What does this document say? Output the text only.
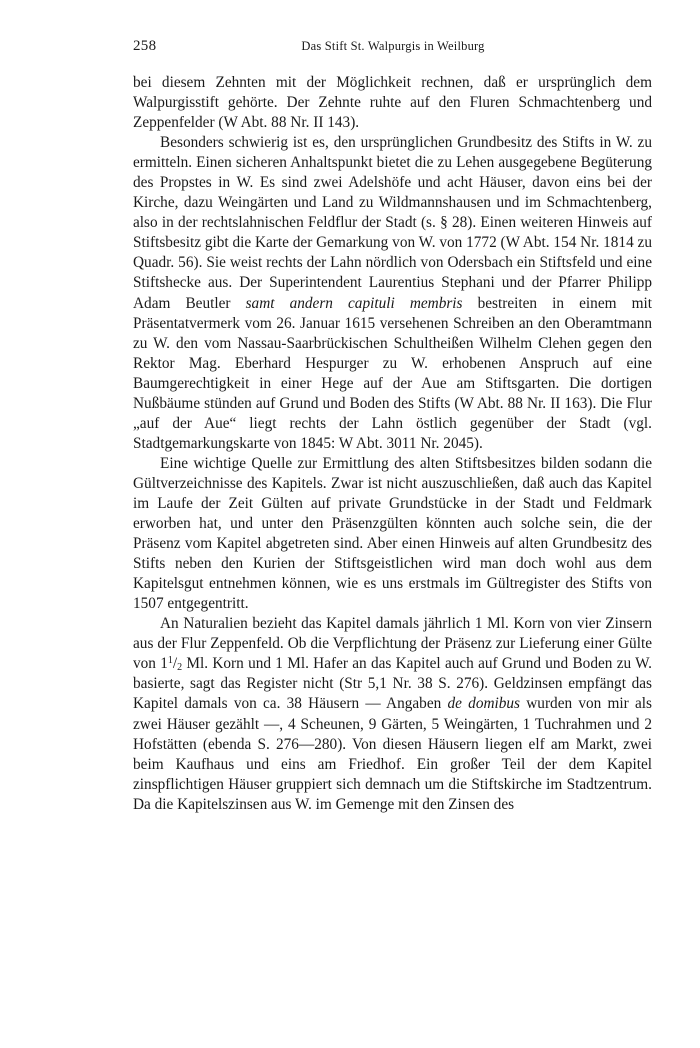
258	Das Stift St. Walpurgis in Weilburg

bei diesem Zehnten mit der Möglichkeit rechnen, daß er ursprünglich dem Walpurgisstift gehörte. Der Zehnte ruhte auf den Fluren Schmachtenberg und Zeppenfelder (W Abt. 88 Nr. II 143).

Besonders schwierig ist es, den ursprünglichen Grundbesitz des Stifts in W. zu ermitteln. Einen sicheren Anhaltspunkt bietet die zu Lehen ausgegebene Begüterung des Propstes in W. Es sind zwei Adelshöfe und acht Häuser, davon eins bei der Kirche, dazu Weingärten und Land zu Wildmannshausen und im Schmachtenberg, also in der rechtslahnischen Feldflur der Stadt (s. § 28). Einen weiteren Hinweis auf Stiftsbesitz gibt die Karte der Gemarkung von W. von 1772 (W Abt. 154 Nr. 1814 zu Quadr. 56). Sie weist rechts der Lahn nördlich von Odersbach ein Stiftsfeld und eine Stiftshecke aus. Der Superintendent Laurentius Stephani und der Pfarrer Philipp Adam Beutler samt andern capituli membris bestreiten in einem mit Präsentatvermerk vom 26. Januar 1615 versehenen Schreiben an den Oberamtmann zu W. den vom Nassau-Saarbrückischen Schultheißen Wilhelm Clehen gegen den Rektor Mag. Eberhard Hespurger zu W. erhobenen Anspruch auf eine Baumgerechtigkeit in einer Hege auf der Aue am Stiftsgarten. Die dortigen Nußbäume stünden auf Grund und Boden des Stifts (W Abt. 88 Nr. II 163). Die Flur „auf der Aue“ liegt rechts der Lahn östlich gegenüber der Stadt (vgl. Stadtgemarkungskarte von 1845: W Abt. 3011 Nr. 2045).

Eine wichtige Quelle zur Ermittlung des alten Stiftsbesitzes bilden sodann die Gültverzeichnisse des Kapitels. Zwar ist nicht auszuschließen, daß auch das Kapitel im Laufe der Zeit Gülten auf private Grundstücke in der Stadt und Feldmark erworben hat, und unter den Präsenzgülten könnten auch solche sein, die der Präsenz vom Kapitel abgetreten sind. Aber einen Hinweis auf alten Grundbesitz des Stifts neben den Kurien der Stiftsgeistlichen wird man doch wohl aus dem Kapitelsgut entnehmen können, wie es uns erstmals im Gültregister des Stifts von 1507 entgegentritt.

An Naturalien bezieht das Kapitel damals jährlich 1 Ml. Korn von vier Zinsern aus der Flur Zeppenfeld. Ob die Verpflichtung der Präsenz zur Lieferung einer Gülte von $1^1/_2$ Ml. Korn und 1 Ml. Hafer an das Kapitel auch auf Grund und Boden zu W. basierte, sagt das Register nicht (Str 5,1 Nr. 38 S. 276). Geldzinsen empfängt das Kapitel damals von ca. 38 Häusern — Angaben de domibus wurden von mir als zwei Häuser gezählt —, 4 Scheunen, 9 Gärten, 5 Weingärten, 1 Tuchrahmen und 2 Hofstätten (ebenda S. 276—280). Von diesen Häusern liegen elf am Markt, zwei beim Kaufhaus und eins am Friedhof. Ein großer Teil der dem Kapitel zinspflichtigen Häuser gruppiert sich demnach um die Stiftskirche im Stadtzentrum. Da die Kapitelszinsen aus W. im Gemenge mit den Zinsen des
